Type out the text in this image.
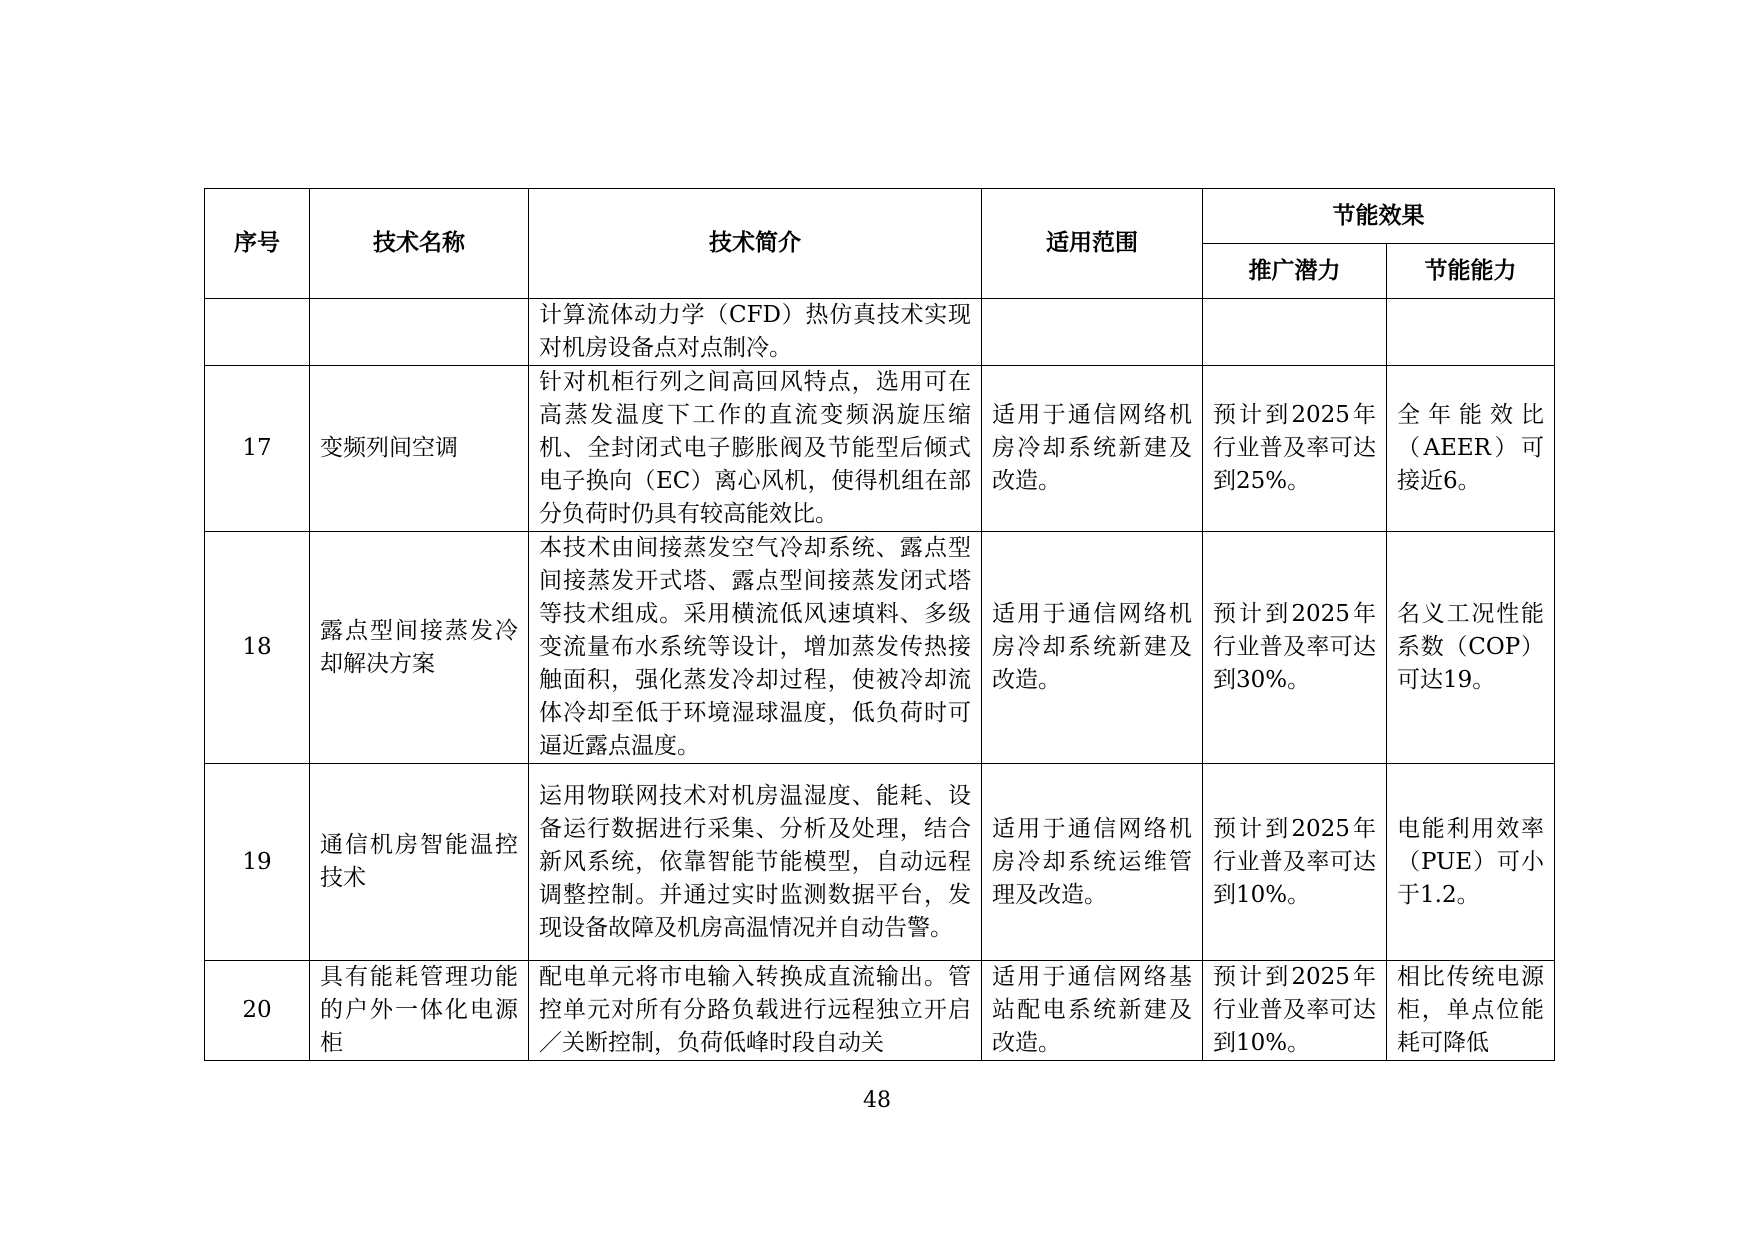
序号	技术名称	技术简介	适用范围	节能效果	
				推广潜力	节能能力

		计算流体动力学（CFD）热仿真技术实现对机房设备点对点制冷。			

17	变频列间空调	针对机柜行列之间高回风特点，选用可在高蒸发温度下工作的直流变频涡旋压缩机、全封闭式电子膨胀阀及节能型后倾式电子换向（EC）离心风机，使得机组在部分负荷时仍具有较高能效比。	适用于通信网络机房冷却系统新建及改造。	预计到2025年行业普及率可达到25%。	全年能效比（AEER）可接近6。

18	露点型间接蒸发冷却解决方案	本技术由间接蒸发空气冷却系统、露点型间接蒸发开式塔、露点型间接蒸发闭式塔等技术组成。采用横流低风速填料、多级变流量布水系统等设计，增加蒸发传热接触面积，强化蒸发冷却过程，使被冷却流体冷却至低于环境湿球温度，低负荷时可逼近露点温度。	适用于通信网络机房冷却系统新建及改造。	预计到2025年行业普及率可达到30%。	名义工况性能系数（COP）可达19。

19	通信机房智能温控技术	运用物联网技术对机房温湿度、能耗、设备运行数据进行采集、分析及处理，结合新风系统，依靠智能节能模型，自动远程调整控制。并通过实时监测数据平台，发现设备故障及机房高温情况并自动告警。	适用于通信网络机房冷却系统运维管理及改造。	预计到2025年行业普及率可达到10%。	电能利用效率（PUE）可小于1.2。

20	具有能耗管理功能的户外一体化电源柜	配电单元将市电输入转换成直流输出。管控单元对所有分路负载进行远程独立开启／关断控制，负荷低峰时段自动关	适用于通信网络基站配电系统新建及改造。	预计到2025年行业普及率可达到10%。	相比传统电源柜，单点位能耗可降低
48
